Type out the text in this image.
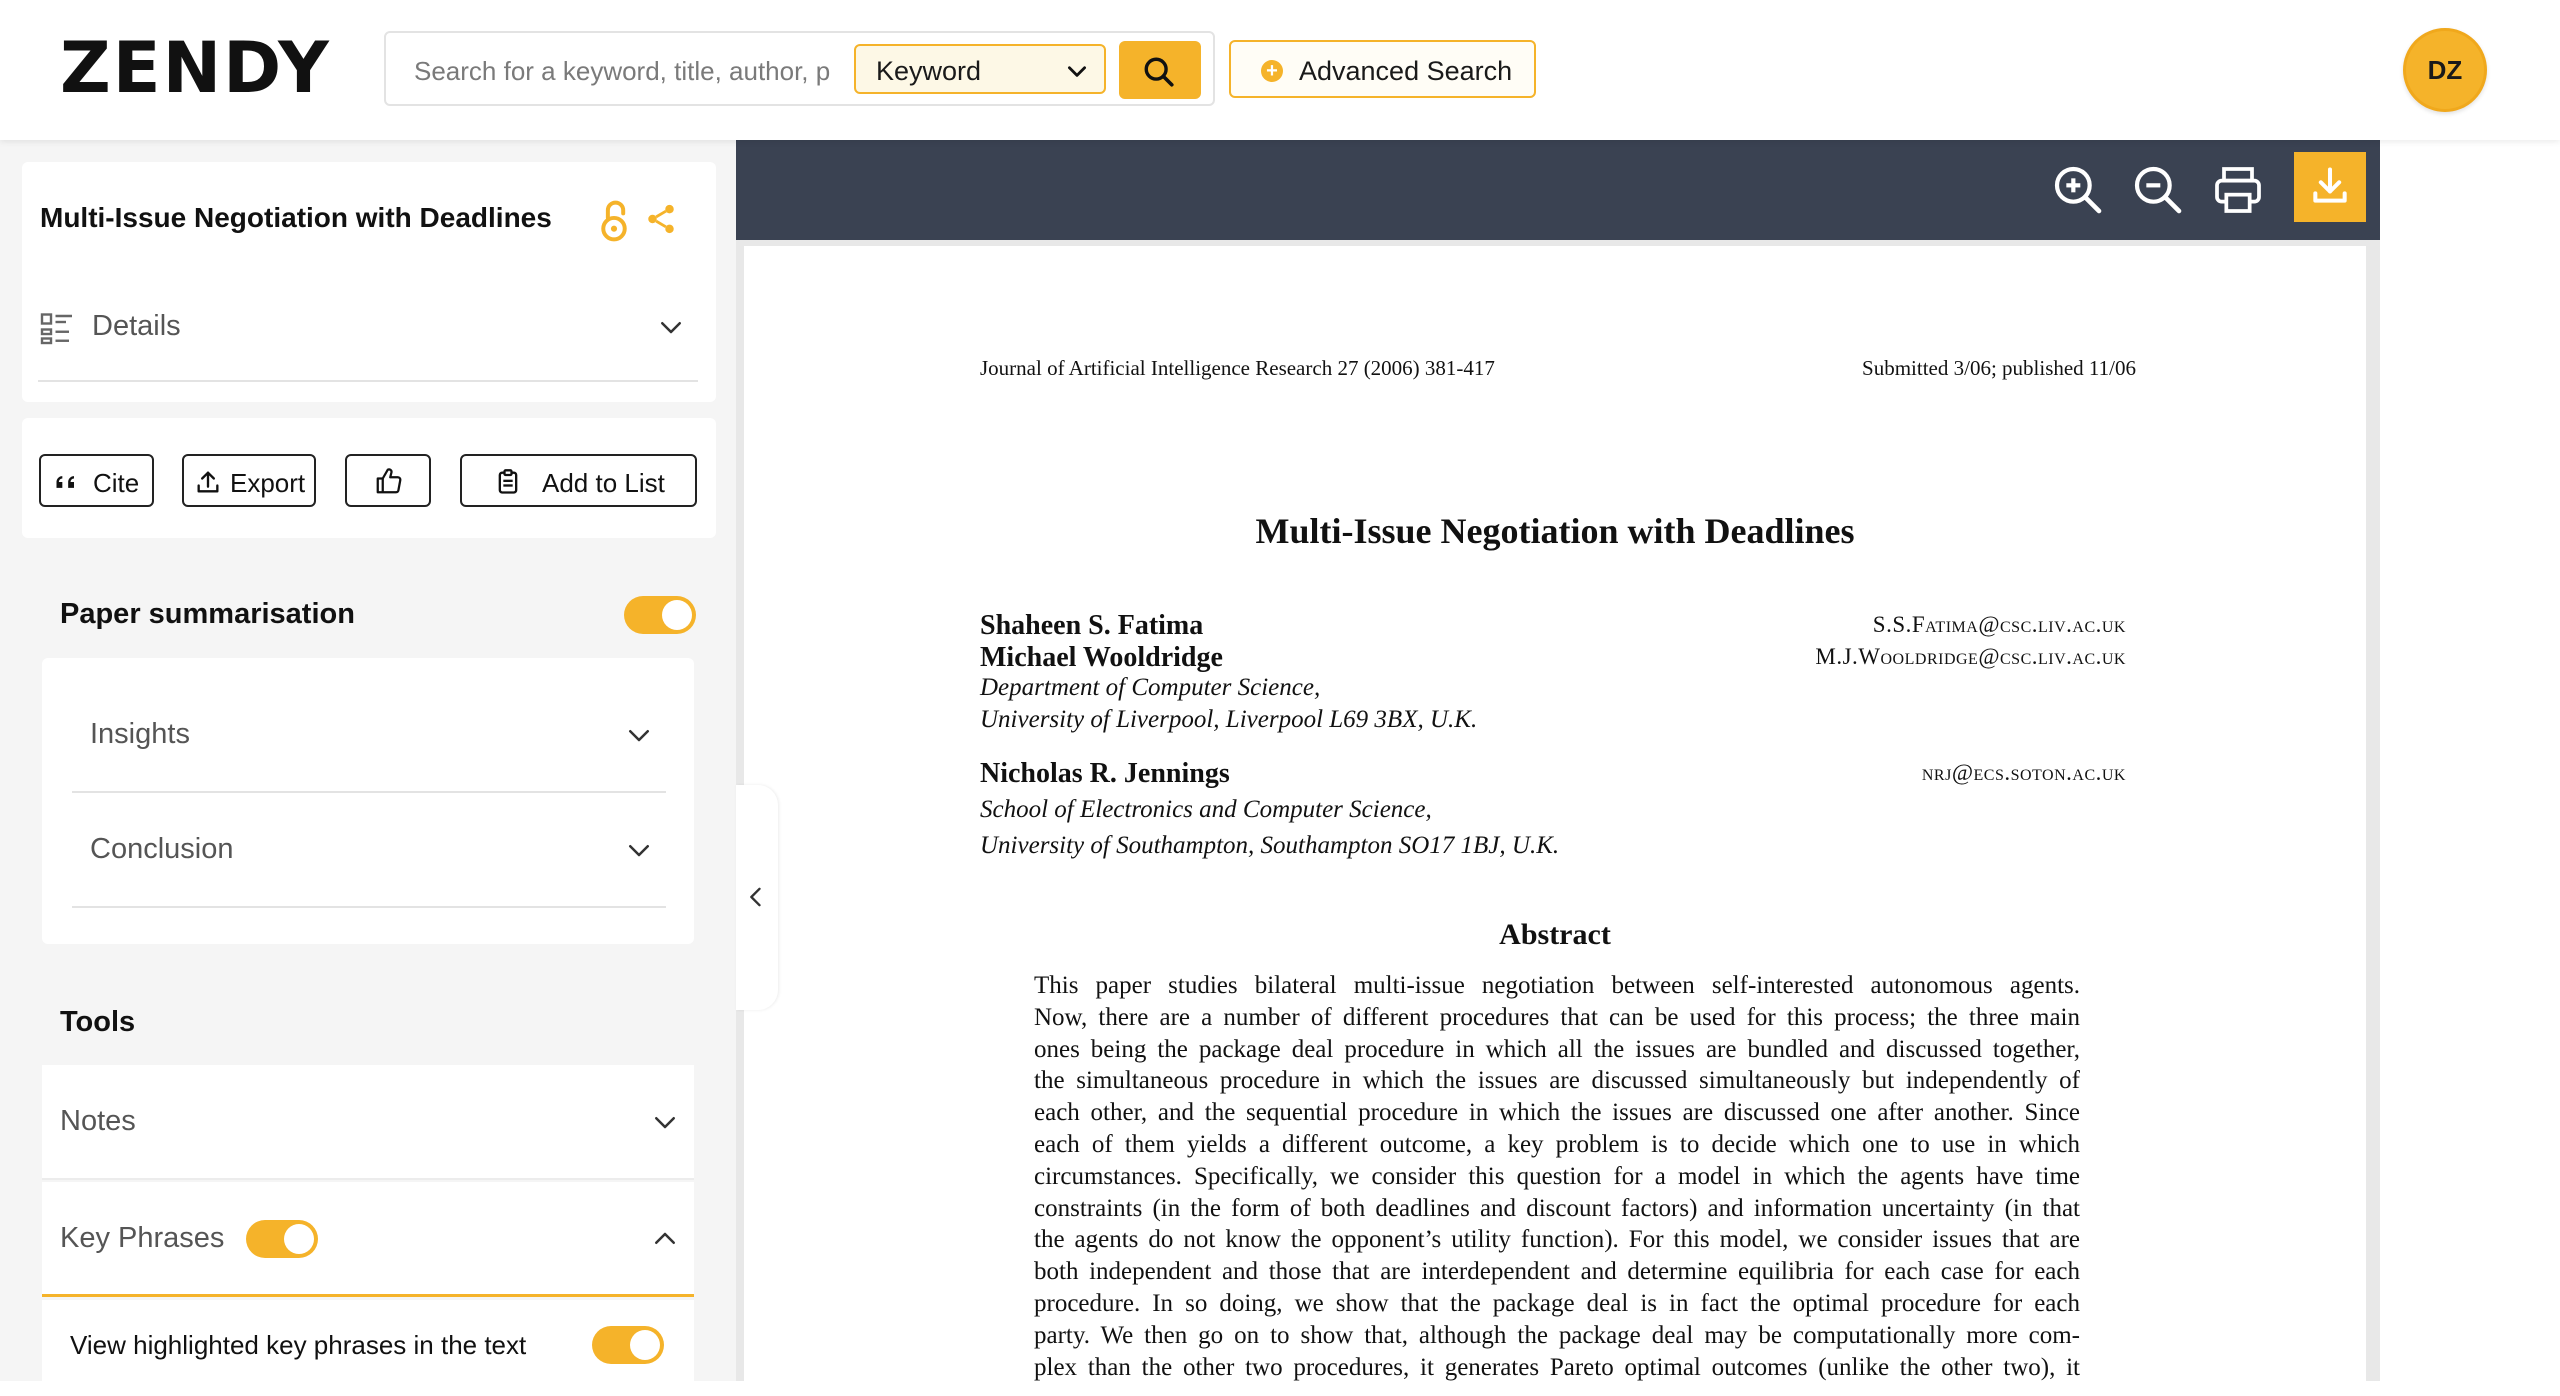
ZENDY
Search for a keyword, title, author, p	Keyword	+ Advanced Search	DZ
Multi-Issue Negotiation with Deadlines
Details
Cite	Export	Add to List
Paper summarisation
Insights
Conclusion
Tools
Notes
Key Phrases
View highlighted key phrases in the text
Journal of Artificial Intelligence Research 27 (2006) 381-417	Submitted 3/06; published 11/06
Multi-Issue Negotiation with Deadlines
Shaheen S. Fatima	S.S.Fatima@csc.liv.ac.uk
Michael Wooldridge	M.J.Wooldridge@csc.liv.ac.uk
Department of Computer Science,
University of Liverpool, Liverpool L69 3BX, U.K.
Nicholas R. Jennings	nrj@ecs.soton.ac.uk
School of Electronics and Computer Science,
University of Southampton, Southampton SO17 1BJ, U.K.
Abstract
This paper studies bilateral multi-issue negotiation between self-interested autonomous agents.
Now, there are a number of different procedures that can be used for this process; the three main
ones being the package deal procedure in which all the issues are bundled and discussed together,
the simultaneous procedure in which the issues are discussed simultaneously but independently of
each other, and the sequential procedure in which the issues are discussed one after another. Since
each of them yields a different outcome, a key problem is to decide which one to use in which
circumstances. Specifically, we consider this question for a model in which the agents have time
constraints (in the form of both deadlines and discount factors) and information uncertainty (in that
the agents do not know the opponent’s utility function). For this model, we consider issues that are
both independent and those that are interdependent and determine equilibria for each case for each
procedure. In so doing, we show that the package deal is in fact the optimal procedure for each
party. We then go on to show that, although the package deal may be computationally more com-
plex than the other two procedures, it generates Pareto optimal outcomes (unlike the other two), it
